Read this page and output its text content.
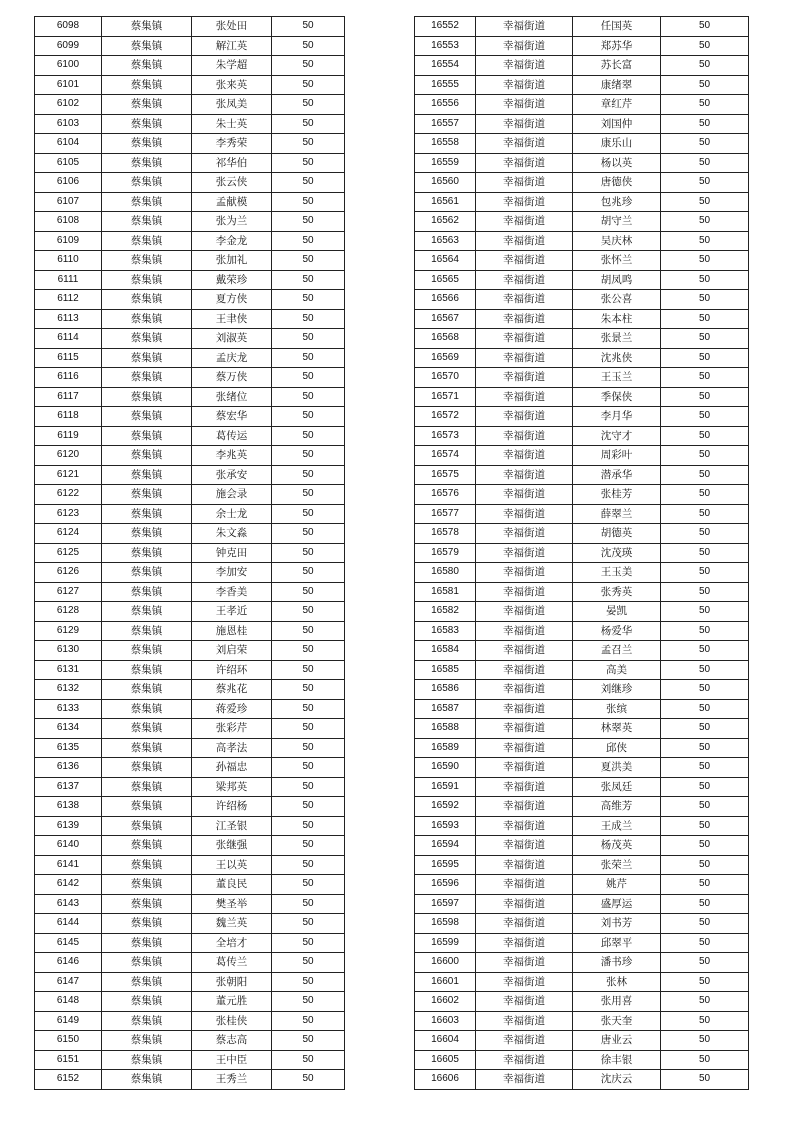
6098	蔡集镇	张处田	50
6099	蔡集镇	解江英	50
6100	蔡集镇	朱学超	50
6101	蔡集镇	张来英	50
6102	蔡集镇	张凤美	50
6103	蔡集镇	朱士英	50
6104	蔡集镇	李秀荣	50
6105	蔡集镇	祁华伯	50
6106	蔡集镇	张云侠	50
6107	蔡集镇	孟献模	50
6108	蔡集镇	张为兰	50
6109	蔡集镇	李金龙	50
6110	蔡集镇	张加礼	50
6111	蔡集镇	戴荣珍	50
6112	蔡集镇	夏方侠	50
6113	蔡集镇	王聿侠	50
6114	蔡集镇	刘淑英	50
6115	蔡集镇	孟庆龙	50
6116	蔡集镇	蔡万侠	50
6117	蔡集镇	张绪位	50
6118	蔡集镇	蔡宏华	50
6119	蔡集镇	葛传运	50
6120	蔡集镇	李兆英	50
6121	蔡集镇	张承安	50
6122	蔡集镇	施会录	50
6123	蔡集镇	余士龙	50
6124	蔡集镇	朱文淼	50
6125	蔡集镇	钟克田	50
6126	蔡集镇	李加安	50
6127	蔡集镇	李香美	50
6128	蔡集镇	王孝近	50
6129	蔡集镇	施恩桂	50
6130	蔡集镇	刘启荣	50
6131	蔡集镇	许绍环	50
6132	蔡集镇	蔡兆花	50
6133	蔡集镇	蒋爱珍	50
6134	蔡集镇	张彩芹	50
6135	蔡集镇	高孝法	50
6136	蔡集镇	孙福忠	50
6137	蔡集镇	梁邦英	50
6138	蔡集镇	许绍杨	50
6139	蔡集镇	江圣银	50
6140	蔡集镇	张继强	50
6141	蔡集镇	王以英	50
6142	蔡集镇	董良民	50
6143	蔡集镇	樊圣举	50
6144	蔡集镇	魏兰英	50
6145	蔡集镇	全培才	50
6146	蔡集镇	葛传兰	50
6147	蔡集镇	张朝阳	50
6148	蔡集镇	董元胜	50
6149	蔡集镇	张桂侠	50
6150	蔡集镇	蔡志高	50
6151	蔡集镇	王中臣	50
6152	蔡集镇	王秀兰	50
16552	幸福街道	任国英	50
16553	幸福街道	郑苏华	50
16554	幸福街道	苏长富	50
16555	幸福街道	康绪翠	50
16556	幸福街道	章红芹	50
16557	幸福街道	刘国仲	50
16558	幸福街道	康乐山	50
16559	幸福街道	杨以英	50
16560	幸福街道	唐德侠	50
16561	幸福街道	包兆珍	50
16562	幸福街道	胡守兰	50
16563	幸福街道	吴庆林	50
16564	幸福街道	张怀兰	50
16565	幸福街道	胡凤鸣	50
16566	幸福街道	张公喜	50
16567	幸福街道	朱本柱	50
16568	幸福街道	张景兰	50
16569	幸福街道	沈兆侠	50
16570	幸福街道	王玉兰	50
16571	幸福街道	季保侠	50
16572	幸福街道	李月华	50
16573	幸福街道	沈守才	50
16574	幸福街道	周彩叶	50
16575	幸福街道	潜承华	50
16576	幸福街道	张桂芳	50
16577	幸福街道	薛翠兰	50
16578	幸福街道	胡德英	50
16579	幸福街道	沈茂瑛	50
16580	幸福街道	王玉美	50
16581	幸福街道	张秀英	50
16582	幸福街道	晏凯	50
16583	幸福街道	杨爱华	50
16584	幸福街道	孟召兰	50
16585	幸福街道	高美	50
16586	幸福街道	刘继珍	50
16587	幸福街道	张缤	50
16588	幸福街道	林翠英	50
16589	幸福街道	邱侠	50
16590	幸福街道	夏洪美	50
16591	幸福街道	张凤廷	50
16592	幸福街道	高维芳	50
16593	幸福街道	王成兰	50
16594	幸福街道	杨茂英	50
16595	幸福街道	张荣兰	50
16596	幸福街道	姚芹	50
16597	幸福街道	盛厚运	50
16598	幸福街道	刘书芳	50
16599	幸福街道	邱翠平	50
16600	幸福街道	潘书珍	50
16601	幸福街道	张林	50
16602	幸福街道	张用喜	50
16603	幸福街道	张天奎	50
16604	幸福街道	唐业云	50
16605	幸福街道	徐丰银	50
16606	幸福街道	沈庆云	50
